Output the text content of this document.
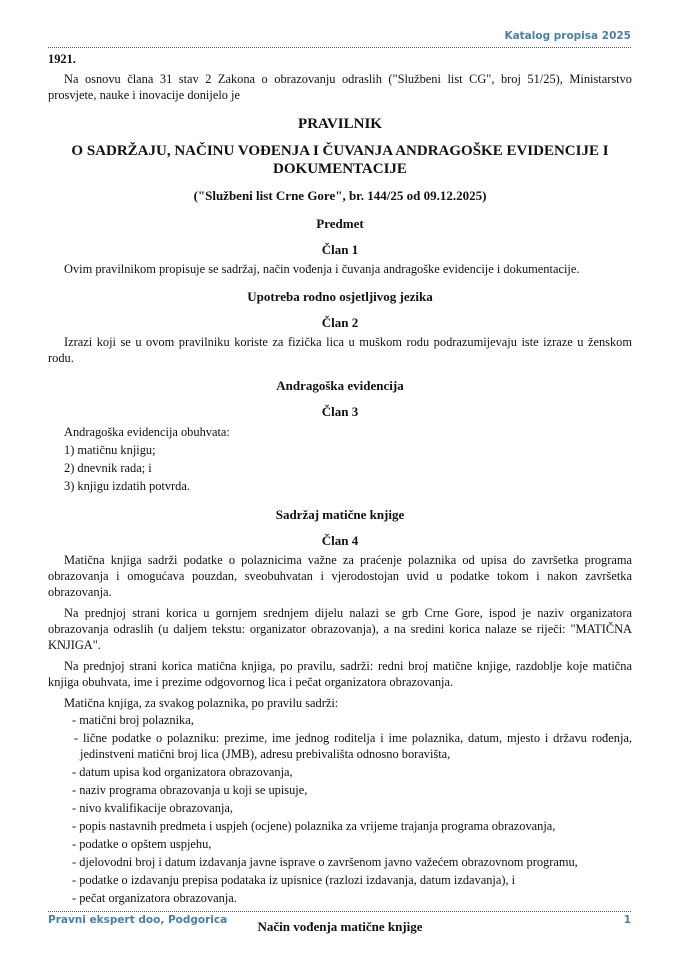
Katalog propisa 2025

1921.

Na osnovu člana 31 stav 2 Zakona o obrazovanju odraslih ("Službeni list CG", broj 51/25), Ministarstvo prosvjete, nauke i inovacije donijelo je

PRAVILNIK

O SADRŽAJU, NAČINU VOĐENJA I ČUVANJA ANDRAGOŠKE EVIDENCIJE I DOKUMENTACIJE

("Službeni list Crne Gore", br. 144/25 od 09.12.2025)

Predmet

Član 1

Ovim pravilnikom propisuje se sadržaj, način vođenja i čuvanja andragoške evidencije i dokumentacije.

Upotreba rodno osjetljivog jezika

Član 2

Izrazi koji se u ovom pravilniku koriste za fizička lica u muškom rodu podrazumijevaju iste izraze u ženskom rodu.

Andragoška evidencija

Član 3

Andragoška evidencija obuhvata:

1) matičnu knjigu;

2) dnevnik rada; i

3) knjigu izdatih potvrda.

Sadržaj matične knjige

Član 4

Matična knjiga sadrži podatke o polaznicima važne za praćenje polaznika od upisa do završetka programa obrazovanja i omogućava pouzdan, sveobuhvatan i vjerodostojan uvid u podatke tokom i nakon završetka obrazovanja.

Na prednjoj strani korica u gornjem srednjem dijelu nalazi se grb Crne Gore, ispod je naziv organizatora obrazovanja odraslih (u daljem tekstu: organizator obrazovanja), a na sredini korica nalaze se riječi: "MATIČNA KNJIGA".

Na prednjoj strani korica matična knjiga, po pravilu, sadrži: redni broj matične knjige, razdoblje koje matična knjiga obuhvata, ime i prezime odgovornog lica i pečat organizatora obrazovanja.

Matična knjiga, za svakog polaznika, po pravilu sadrži:

- matični broj polaznika,

- lične podatke o polazniku: prezime, ime jednog roditelja i ime polaznika, datum, mjesto i državu rođenja, jedinstveni matični broj lica (JMB), adresu prebivališta odnosno boravišta,

- datum upisa kod organizatora obrazovanja,

- naziv programa obrazovanja u koji se upisuje,

- nivo kvalifikacije obrazovanja,

- popis nastavnih predmeta i uspjeh (ocjene) polaznika za vrijeme trajanja programa obrazovanja,

- podatke o opštem uspjehu,

- djelovodni broj i datum izdavanja javne isprave o završenom javno važećem obrazovnom programu,

- podatke o izdavanju prepisa podataka iz upisnice (razlozi izdavanja, datum izdavanja), i

- pečat organizatora obrazovanja.

Način vođenja matične knjige

Pravni ekspert doo, Podgorica	1
